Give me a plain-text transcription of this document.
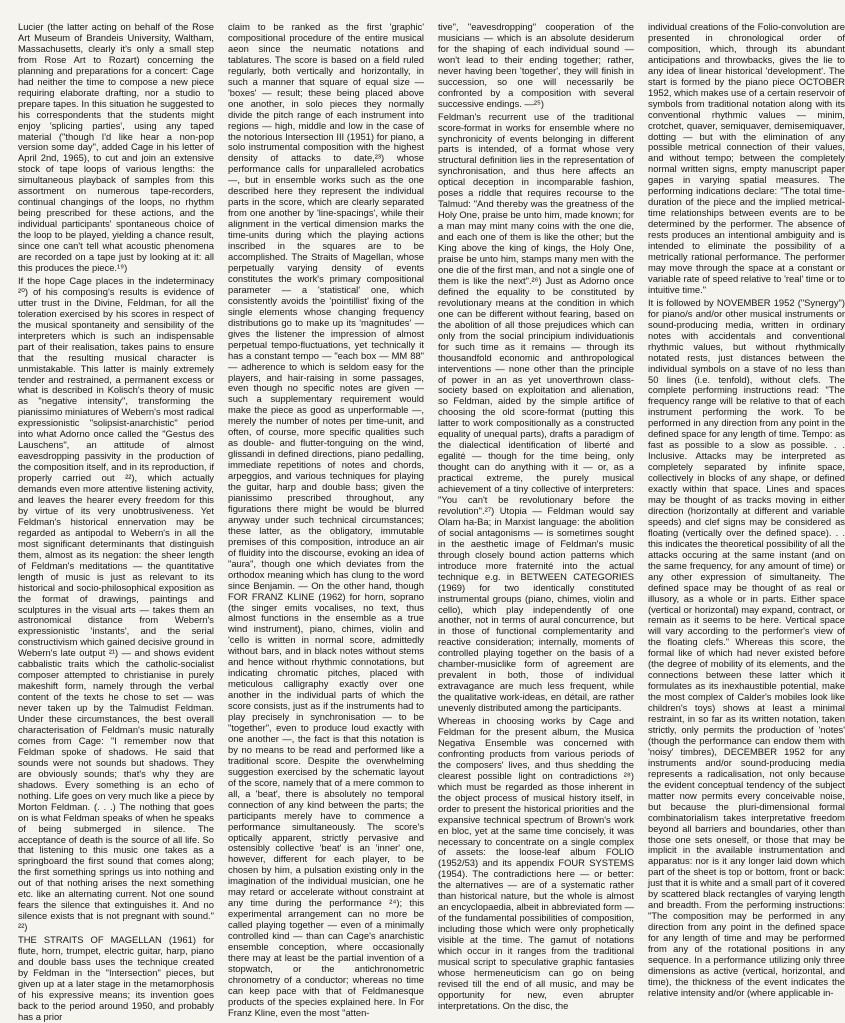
Lucier (the latter acting on behalf of the Rose Art Museum of Brandeis University, Waltham, Massachusetts, clearly it's only a small step from Rose Art to Rozart) concerning the planning and preparations for a concert: Cage had neither the time to compose a new piece requiring elaborate drafting, nor a studio to prepare tapes. In this situation he suggested to his correspondents that the students might enjoy 'splicing parties', using any taped material ("though I'd like hear a non-pop version some day", added Cage in his letter of April 2nd, 1965), to cut and join an extensive stock of tape loops of various lengths: the simultaneous playback of samples from this assortment on numerous tape-recorders, continual changings of the loops, no rhythm being prescribed for these actions, and the individual participants' spontaneous choice of the loop to be played, yielding a chance result, since one can't tell what acoustic phenomena are recorded on a tape just by looking at it: all this produces the piece.¹⁹)

If the hope Cage places in the indeterminacy ²⁰) of his composing's results is evidence of utter trust in the Divine, Feldman, for all the toleration exercised by his scores in respect of the musical spontaneity and sensibility of the interpreters which is such an indispensable part of their realisation, takes pains to ensure that the resulting musical character is unmistakable. This latter is mainly extremely tender and restrained, a permanent excess or what is described in Kolisch's theory of music as "negative intensity", transforming the pianissimo miniatures of Webern's most radical expressionistic "solipsist-anarchistic" period into what Adorno once called the "Gestus des Lauschens", an attitude of almost eavesdropping passivity in the production of the composition itself, and in its reproduction, if properly carried out ²²), which actually demands even more attentive listening activity, and leaves the hearer every freedom for this by virtue of its very unobtrusiveness. Yet Feldman's historical ennervation may be regarded as antipodal to Webern's in all the most significant determinants that distinguish them, almost as its negation: the sheer length of Feldman's meditations — the quantitative length of music is just as relevant to its historical and socio-philosophical exposition as the format of drawings, paintings and sculptures in the visual arts — takes them an astronomical distance from Webern's expressionistic 'instants', and the serial constructivism which gained decisive ground in Webern's late output ²¹) — and shows evident cabbalistic traits which the catholic-socialist composer attempted to christianise in purely makeshift form, namely through the verbal content of the texts he chose to set — was never taken up by the Talmudist Feldman. Under these circumstances, the best overall characterisation of Feldman's music naturally comes from Cage: "I remember now that Feldman spoke of shadows. He said that sounds were not sounds but shadows. They are obviously sounds; that's why they are shadows. Every something is an echo of nothing. Life goes on very much like a piece by Morton Feldman. (. . .) The nothing that goes on is what Feldman speaks of when he speaks of being submerged in silence. The acceptance of death is the source of all life. So that listening to this music one takes as a springboard the first sound that comes along; the first something springs us into nothing and out of that nothing arises the next something etc. like an alternating current. Not one sound fears the silence that extinguishes it. And no silence exists that is not pregnant with sound." ²²)

THE STRAITS OF MAGELLAN (1961) for flute, horn, trumpet, electric guitar, harp, piano and double bass uses the technique created by Feldman in the "Intersection" pieces, but given up at a later stage in the metamorphosis of his expressive means; its invention goes back to the period around 1950, and probably has a prior

claim to be ranked as the first 'graphic' compositional procedure of the entire musical aeon since the neumatic notations and tablatures. The score is based on a field ruled regularly, both vertically and horizontally, in such a manner that square of equal size — 'boxes' — result; these being placed above one another, in solo pieces they normally divide the pitch range of each instrument into regions — high, middle and low in the case of the notorious Intersection III (1951) for piano, a solo instrumental composition with the highest density of attacks to date,²³) whose performance calls for unparalleled acrobatics —, but in ensemble works such as the one described here they represent the individual parts in the score, which are clearly separated from one another by 'line-spacings', while their alignment in the vertical dimension marks the time-units during which the playing actions inscribed in the squares are to be accomplished. The Straits of Magellan, whose perpetually varying density of events constitutes the work's primary compositional parameter — a 'statistical' one, which consistently avoids the 'pointillist' fixing of the single elements whose changing frequency distributions go to make up its 'magnitudes' — gives the listener the impression of almost perpetual tempo-fluctuations, yet technically it has a constant tempo — "each box — MM 88" — adherence to which is seldom easy for the players, and hair-raising in some passages, even though no specific notes are given — such a supplementary requirement would make the piece as good as unperformable —, merely the number of notes per time-unit, and often, of course, more specific qualities such as double- and flutter-tonguing on the wind, glissandi in defined directions, piano pedalling, immediate repetitions of notes and chords, arpeggios, and various techniques for playing the guitar, harp and double bass; given the pianissimo prescribed throughout, any figurations there might be would be blurred anyway under such technical circumstances; these latter, as the obligatory, immutable premises of this composition, introduce an air of fluidity into the discourse, evoking an idea of "aura", though one which deviates from the orthodox meaning which has clung to the word since Benjamin. — On the other hand, though FOR FRANZ KLINE (1962) for horn, soprano (the singer emits vocalises, no text, thus almost functions in the ensemble as a true wind instrument), piano, chimes, violin and 'cello is written in normal score, admittedly without bars, and in black notes without stems and hence without rhythmic connotations, but indicating chromatic pitches, placed with meticulous calligraphy exactly over one another in the individual parts of which the score consists, just as if the instruments had to play precisely in synchronisation — to be "together", even to produce loud exactly with one another —, the fact is that this notation is by no means to be read and performed like a traditional score. Despite the overwhelming suggestion exercised by the schematic layout of the score, namely that of a mere common to all, a 'beat', there is absolutely no temporal connection of any kind between the parts; the participants merely have to commence a performance simultaneously. The score's optically apparent, strictly pervasive and ostensibly collective 'beat' is an 'inner' one, however, different for each player, to be chosen by him, a pulsation existing only in the imagination of the individual musician, one he may retard or accelerate without constraint at any time during the performance ²⁴); this experimental arrangement can no more be called playing together — even of a minimally controlled kind — than can Cage's anarchistic ensemble conception, where occasionally there may at least be the partial invention of a stopwatch, or the antichronometric chronometry of a conductor; whereas no time can keep pace with that of Feldmanesque products of the species explained here. In For Franz Kline, even the most "atten-

tive", "eavesdropping" cooperation of the musicians — which is an absolute desiderum for the shaping of each individual sound — won't lead to their ending together; rather, never having been 'together', they will finish in succession, so one will necessarily be confronted by a composition with several successive endings. —²⁵)

Feldman's recurrent use of the traditional score-format in works for ensemble where no synchronicity of events belonging in different parts is intended, of a format whose very structural definition lies in the representation of synchronisation, and thus here affects an optical deception in incomparable fashion, poses a riddle that requires recourse to the Talmud: "And thereby was the greatness of the Holy One, praise be unto him, made known; for a man may mint many coins with the one die, and each one of them is like the other; but the King above the king of kings, the Holy One, praise be unto him, stamps many men with the one die of the first man, and not a single one of them is like the next".²⁶) Just as Adorno once defined the equality to be constituted by revolutionary means at the condition in which one can be different without fearing, based on the abolition of all those prejudices which can only from the social principium individuationis for such time as it remains — through its thousandfold economic and anthropological interventions — none other than the principle of power in an as yet unoverthrown class-society based on exploitation and alienation, so Feldman, aided by the simple artifice of choosing the old score-format (putting this latter to work compositionally as a constructed equality of unequal parts), drafts a paradigm of the dialectical identification of liberté and egalité — though for the time being, only thought can do anything with it — or, as a practical extreme, the purely musical achievement of a tiny collective of interpreters: "You can't be revolutionary before the revolution".²⁷) Utopia — Feldman would say Olam ha-Ba; in Marxist language: the abolition of social antagonisms — is sometimes sought in the aesthetic image of Feldman's music through closely bound action patterns which introduce more fraternité into the actual technique e.g. in BETWEEN CATEGORIES (1969) for two identically constituted instrumental groups (piano, chimes, violin and cello), which play independently of one another, not in terms of aural concurrence, but in those of functional complementarity and reactive consideration; internally, moments of controlled playing together on the basis of a chamber-musiclike form of agreement are prevalent in both, those of individual extravagance are much less frequent, while the qualitative work-ideas, en détail, are rather unevenly distributed among the participants.

Whereas in choosing works by Cage and Feldman for the present album, the Musica Negativa Ensemble was concerned with confronting products from various periods of the composers' lives, and thus shedding the clearest possible light on contradictions ²⁸) which must be regarded as those inherent in the object process of musical history itself, in order to present the historical priorities and the expansive technical spectrum of Brown's work en bloc, yet at the same time concisely, it was necessary to concentrate on a single complex of assets: the loose-leaf album FOLIO (1952/53) and its appendix FOUR SYSTEMS (1954). The contradictions here — or better: the alternatives — are of a systematic rather than historical nature, but the whole is almost an encyclopaedia, albeit in abbreviated form — of the fundamental possibilities of composition, including those which were only prophetically visible at the time. The gamut of notations which occur in it ranges from the traditional musical script to speculative graphic fantasies whose hermeneuticism can go on being revised till the end of all music, and may be opportunity for new, even abrupter interpretations. On the disc, the

individual creations of the Folio-convolution are presented in chronological order of composition, which, through its abundant anticipations and throwbacks, gives the lie to any idea of linear historical 'development'. The start is formed by the piano piece OCTOBER 1952, which makes use of a certain reservoir of symbols from traditional notation along with its conventional rhythmic values — minim, crotchet, quaver, semiquaver, demisemiquaver, dotting — but with the elimination of any possible metrical connection of their values, and without tempo; between the completely normal written signs, empty manuscript paper gapes in varying spatial measures. The performing indications declare: "The total time-duration of the piece and the implied metrical-time relationships between events are to be determined by the performer. The absence of rests produces an intentional ambiguity and is intended to eliminate the possibility of a metrically rational performance. The performer may move through the space at a constant or variable rate of speed relative to 'real' time or to intuitive time."

It is followed by NOVEMBER 1952 ("Synergy") for piano/s and/or other musical instruments or sound-producing media, written in ordinary notes with accidentals and conventional rhythmic values, but without rhythmically notated rests, just distances between the individual symbols on a stave of no less than 50 lines (i.e. tenfold), without clefs. The complete performing instructions read: "The frequency range will be relative to that of each instrument performing the work. To be performed in any direction from any point in the defined space for any length of time. Tempo: as fast as possible to a slow as possible. . . Inclusive. Attacks may be interpreted as completely separated by infinite space, collectively in blocks of any shape, or defined exactly within that space. Lines and spaces may be thought of as tracks moving in either direction (horizontally at different and variable speeds) and clef signs may be considered as floating (vertically over the defined space). . . this indicates the theoretical possibility of all the attacks occuring at the same instant (and on the same frequency, for any amount of time) or any other expression of simultaneity. The defined space may be thought of as real or illusory, as a whole or in parts. Either space (vertical or horizontal) may expand, contract, or remain as it seems to be here. Vertical space will vary according to the performer's view of the floating clefs." Whereas this score, the formal like of which had never existed before (the degree of mobility of its elements, and the connections between these latter which it formulates as its inexhaustible potential, make the most complex of Calder's mobiles look like children's toys) shows at least a minimal restraint, in so far as its written notation, taken strictly, only permits the production of 'notes' (though the performance can endow them with 'noisy' timbres), DECEMBER 1952 for any instruments and/or sound-producing media represents a radicalisation, not only because the evident conceptual tendency of the subject matter now permits every conceivable noise, but because the pluri-dimensional formal combinatorialism takes interpretative freedom beyond all barriers and boundaries, other than those one sets oneself, or those that may be implicit in the available instrumentation and apparatus: nor is it any longer laid down which part of the sheet is top or bottom, front or back: just that it is white and a small part of it covered by scattered black rectangles of varying length and breadth. From the performing instructions: "The composition may be performed in any direction from any point in the defined space for any length of time and may be performed from any of the rotational positions in any sequence. In a performance utilizing only three dimensions as active (vertical, horizontal, and time), the thickness of the event indicates the relative intensity and/or (where applicable in-
